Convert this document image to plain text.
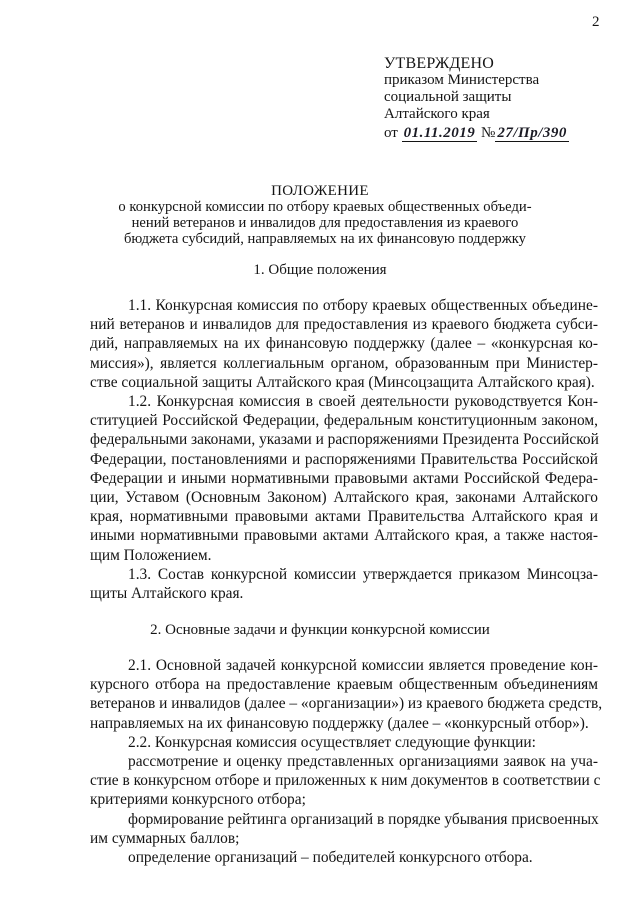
2
УТВЕРЖДЕНО
приказом Министерства
социальной защиты
Алтайского края
от 01.11.2019 № 27/Пр/390
ПОЛОЖЕНИЕ
о конкурсной комиссии по отбору краевых общественных объеди-
нений ветеранов и инвалидов для предоставления из краевого
бюджета субсидий, направляемых на их финансовую поддержку
1. Общие положения
1.1. Конкурсная комиссия по отбору краевых общественных объедине-
ний ветеранов и инвалидов для предоставления из краевого бюджета субси-
дий, направляемых на их финансовую поддержку (далее – «конкурсная ко-
миссия»), является коллегиальным органом, образованным при Министер-
стве социальной защиты Алтайского края (Минсоцзащита Алтайского края).
1.2. Конкурсная комиссия в своей деятельности руководствуется Кон-
ституцией Российской Федерации, федеральным конституционным законом,
федеральными законами, указами и распоряжениями Президента Российской
Федерации, постановлениями и распоряжениями Правительства Российской
Федерации и иными нормативными правовыми актами Российской Федера-
ции, Уставом (Основным Законом) Алтайского края, законами Алтайского
края, нормативными правовыми актами Правительства Алтайского края и
иными нормативными правовыми актами Алтайского края, а также настоя-
щим Положением.
1.3. Состав конкурсной комиссии утверждается приказом Минсоцза-
щиты Алтайского края.
2. Основные задачи и функции конкурсной комиссии
2.1. Основной задачей конкурсной комиссии является проведение кон-
курсного отбора на предоставление краевым общественным объединениям
ветеранов и инвалидов (далее – «организации») из краевого бюджета средств,
направляемых на их финансовую поддержку (далее – «конкурсный отбор»).
2.2. Конкурсная комиссия осуществляет следующие функции:
рассмотрение и оценку представленных организациями заявок на уча-
стие в конкурсном отборе и приложенных к ним документов в соответствии с
критериями конкурсного отбора;
формирование рейтинга организаций в порядке убывания присвоенных
им суммарных баллов;
определение организаций – победителей конкурсного отбора.
